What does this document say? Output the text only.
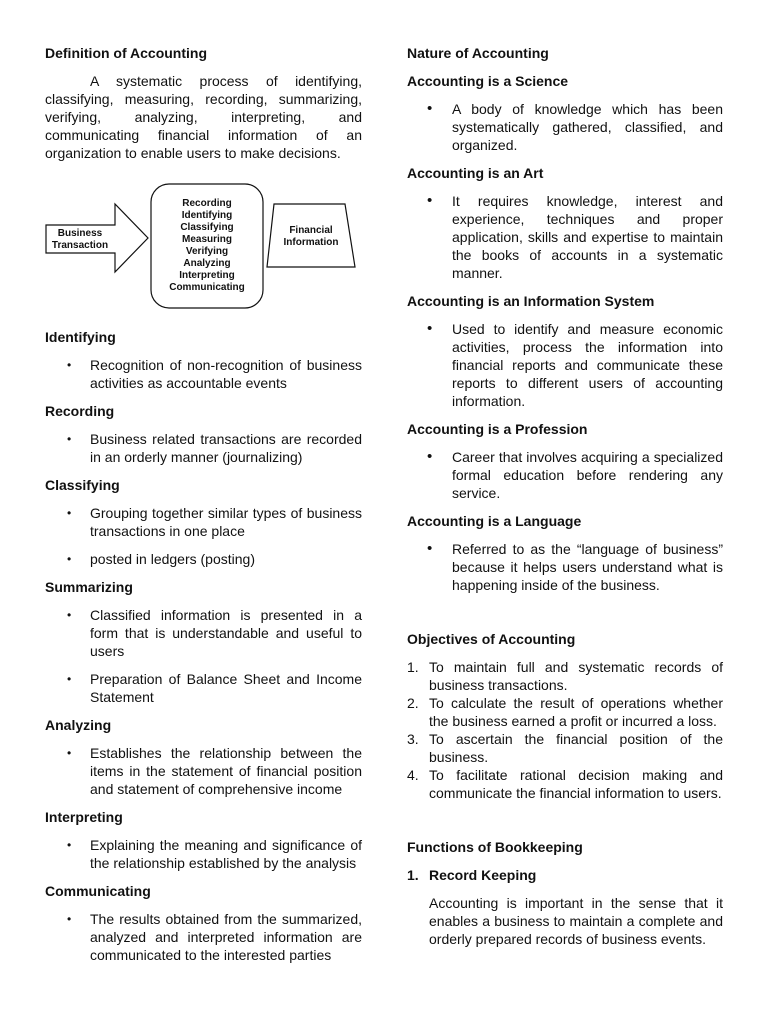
Definition of Accounting

A systematic process of identifying, classifying, measuring, recording, summarizing, verifying, analyzing, interpreting, and communicating financial information of an organization to enable users to make decisions.

Business
Transaction
Recording
Identifying
Classifying
Measuring
Verifying
Analyzing
Interpreting
Communicating
Financial
Information

Identifying

• Recognition of non-recognition of business activities as accountable events

Recording

• Business related transactions are recorded in an orderly manner (journalizing)

Classifying

• Grouping together similar types of business transactions in one place
• posted in ledgers (posting)

Summarizing

• Classified information is presented in a form that is understandable and useful to users
• Preparation of Balance Sheet and Income Statement

Analyzing

• Establishes the relationship between the items in the statement of financial position and statement of comprehensive income

Interpreting

• Explaining the meaning and significance of the relationship established by the analysis

Communicating

• The results obtained from the summarized, analyzed and interpreted information are communicated to the interested parties

Nature of Accounting

Accounting is a Science

• A body of knowledge which has been systematically gathered, classified, and organized.

Accounting is an Art

• It requires knowledge, interest and experience, techniques and proper application, skills and expertise to maintain the books of accounts in a systematic manner.

Accounting is an Information System

• Used to identify and measure economic activities, process the information into financial reports and communicate these reports to different users of accounting information.

Accounting is a Profession

• Career that involves acquiring a specialized formal education before rendering any service.

Accounting is a Language

• Referred to as the “language of business” because it helps users understand what is happening inside of the business.

Objectives of Accounting

1. To maintain full and systematic records of business transactions.
2. To calculate the result of operations whether the business earned a profit or incurred a loss.
3. To ascertain the financial position of the business.
4. To facilitate rational decision making and communicate the financial information to users.

Functions of Bookkeeping

1. Record Keeping

Accounting is important in the sense that it enables a business to maintain a complete and orderly prepared records of business events.
